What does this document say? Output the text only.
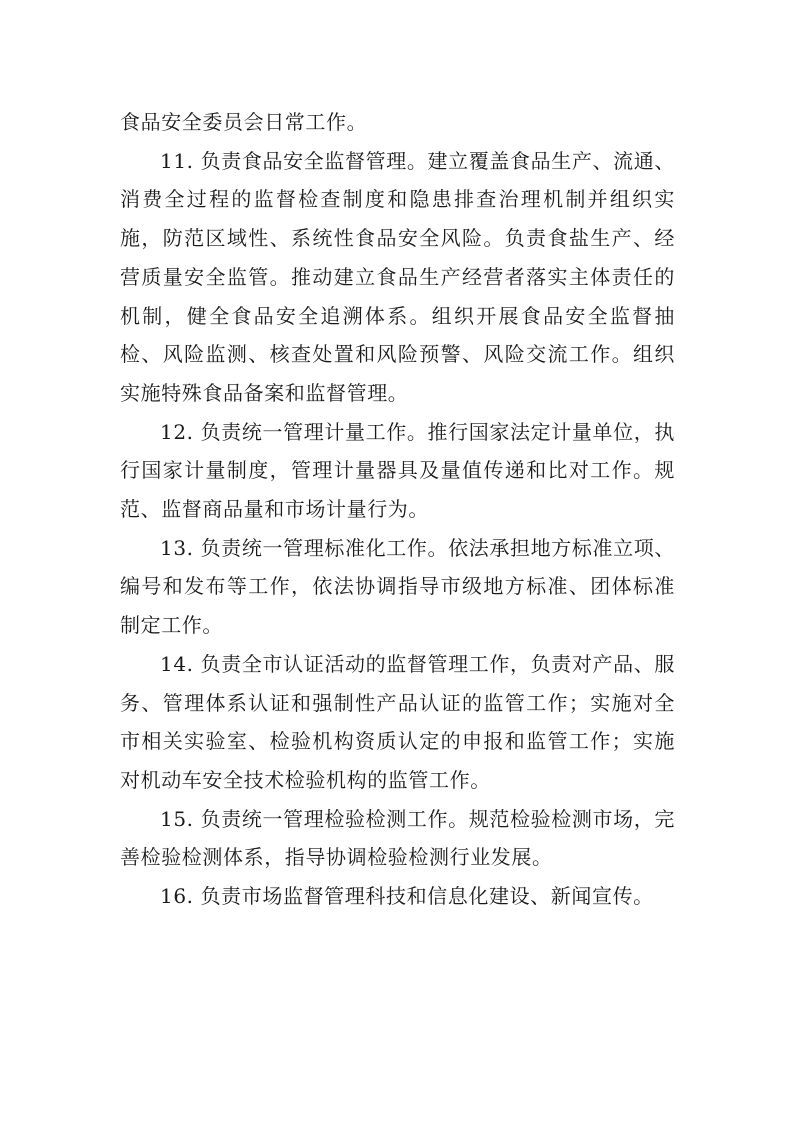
食品安全委员会日常工作。

11. 负责食品安全监督管理。建立覆盖食品生产、流通、消费全过程的监督检查制度和隐患排查治理机制并组织实施，防范区域性、系统性食品安全风险。负责食盐生产、经营质量安全监管。推动建立食品生产经营者落实主体责任的机制，健全食品安全追溯体系。组织开展食品安全监督抽检、风险监测、核查处置和风险预警、风险交流工作。组织实施特殊食品备案和监督管理。

12. 负责统一管理计量工作。推行国家法定计量单位，执行国家计量制度，管理计量器具及量值传递和比对工作。规范、监督商品量和市场计量行为。

13. 负责统一管理标准化工作。依法承担地方标准立项、编号和发布等工作，依法协调指导市级地方标准、团体标准制定工作。

14. 负责全市认证活动的监督管理工作，负责对产品、服务、管理体系认证和强制性产品认证的监管工作；实施对全市相关实验室、检验机构资质认定的申报和监管工作；实施对机动车安全技术检验机构的监管工作。

15. 负责统一管理检验检测工作。规范检验检测市场，完善检验检测体系，指导协调检验检测行业发展。

16. 负责市场监督管理科技和信息化建设、新闻宣传。
